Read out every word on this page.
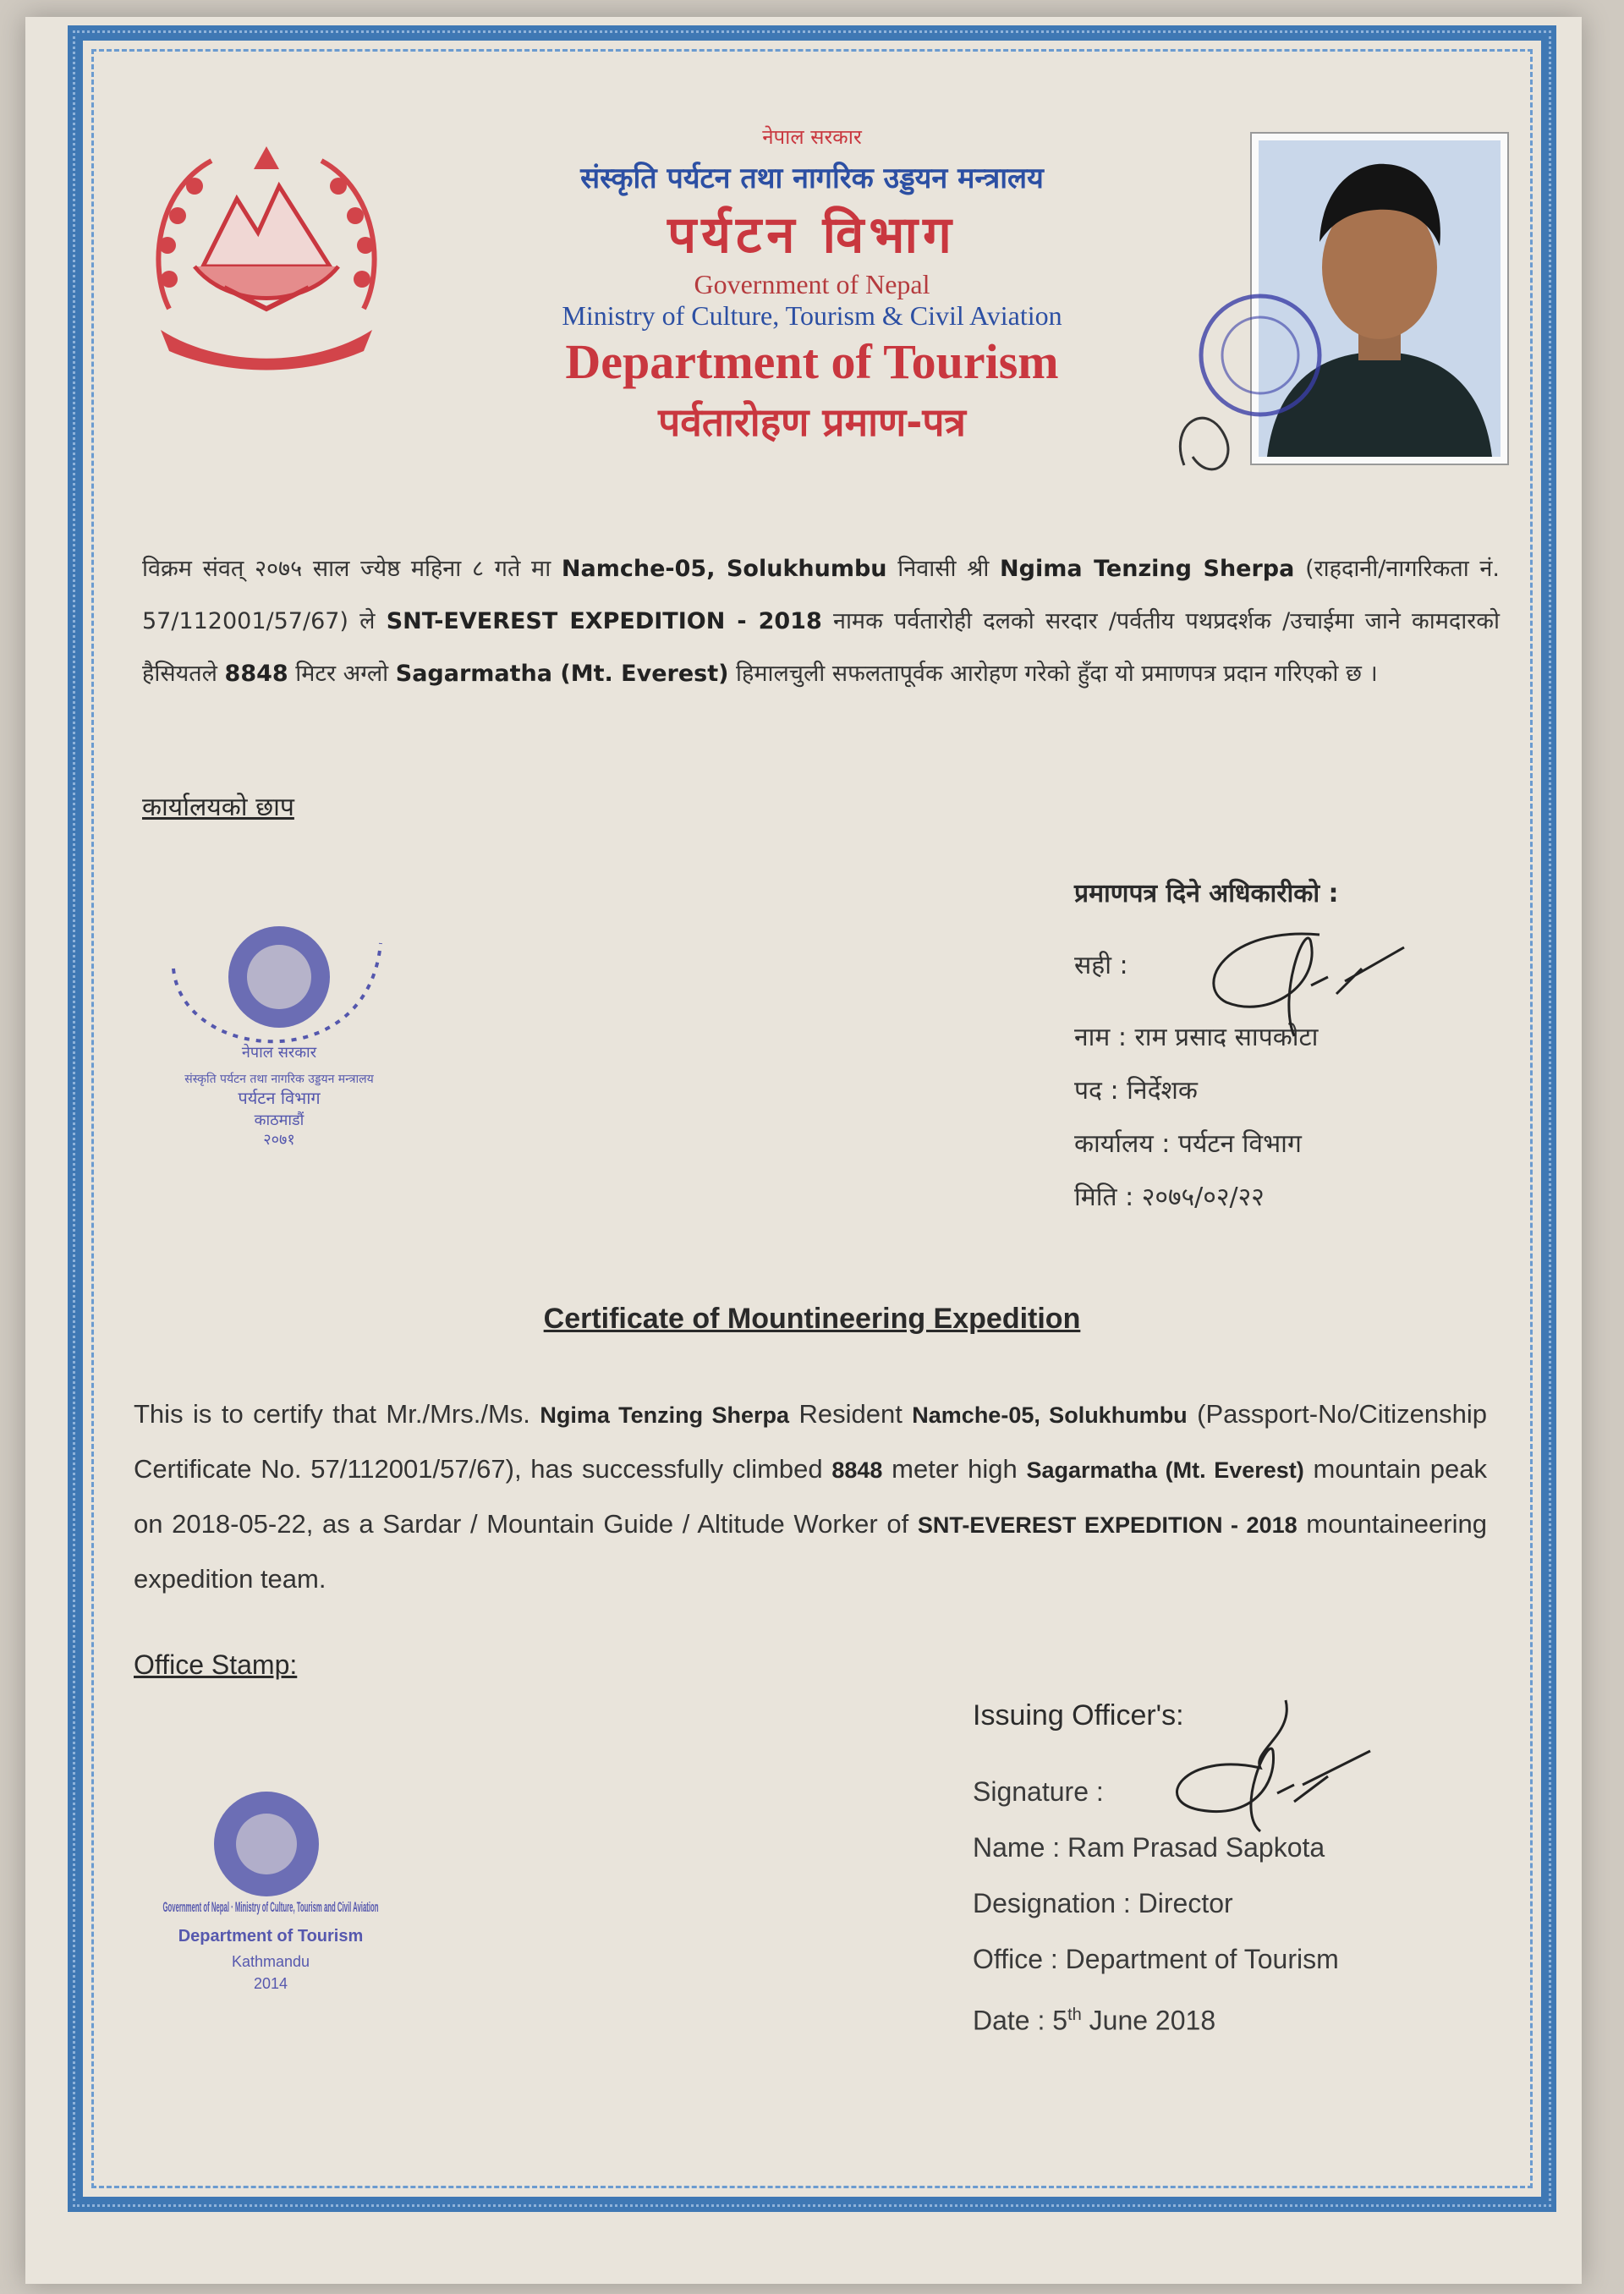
नेपाल सरकार
संस्कृति पर्यटन तथा नागरिक उड्डयन मन्त्रालय
पर्यटन विभाग
Government of Nepal
Ministry of Culture, Tourism & Civil Aviation
Department of Tourism
पर्वतारोहण प्रमाण-पत्र
विक्रम संवत् २०७५ साल ज्येष्ठ महिना ८ गते मा Namche-05, Solukhumbu निवासी श्री Ngima Tenzing Sherpa (राहदानी/नागरिकता नं. 57/112001/57/67) ले SNT-EVEREST EXPEDITION - 2018 नामक पर्वतारोही दलको सरदार /पर्वतीय पथप्रदर्शक /उचाईमा जाने कामदारको हैसियतले 8848 मिटर अग्लो Sagarmatha (Mt. Everest) हिमालचुली सफलतापूर्वक आरोहण गरेको हुँदा यो प्रमाणपत्र प्रदान गरिएको छ ।
कार्यालयको छाप
नेपाल सरकार
संस्कृति पर्यटन तथा नागरिक उड्डयन मन्त्रालय
पर्यटन विभाग
काठमाडौं
२०७१
प्रमाणपत्र दिने अधिकारीको :
सही :
नाम : राम प्रसाद सापकोटा
पद : निर्देशक
कार्यालय : पर्यटन विभाग
मिति : २०७५/०२/२२
Certificate of Mountineering Expedition
This is to certify that Mr./Mrs./Ms. Ngima Tenzing Sherpa Resident Namche-05, Solukhumbu (Passport-No/Citizenship Certificate No. 57/112001/57/67), has successfully climbed 8848 meter high Sagarmatha (Mt. Everest) mountain peak on 2018-05-22, as a Sardar / Mountain Guide / Altitude Worker of SNT-EVEREST EXPEDITION - 2018 mountaineering expedition team.
Office Stamp:
Government of Nepal · Ministry of Culture, Tourism and Civil Aviation
Department of Tourism
Kathmandu
2014
Issuing Officer's:
Signature :
Name : Ram Prasad Sapkota
Designation : Director
Office : Department of Tourism
Date : 5th June 2018
